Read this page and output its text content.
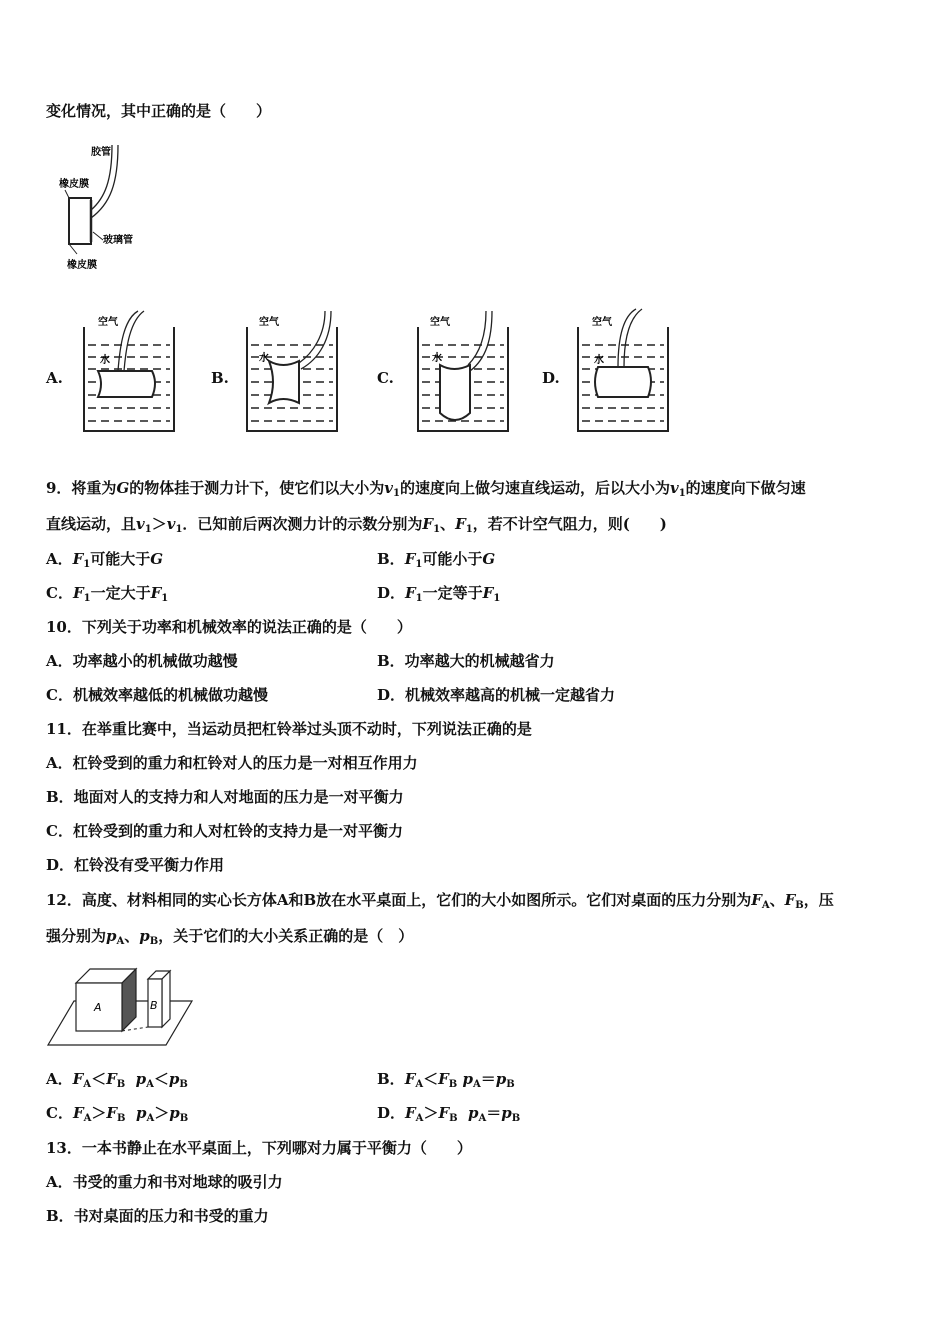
变化情况，其中正确的是（　　）
胶管
橡皮膜
玻璃管
橡皮膜
A.	B.	C.	D.
空气
水
空气
水
空气
水
空气
水
9．将重为G的物体挂于测力计下，使它们以大小为$v_1$的速度向上做匀速直线运动，后以大小为$v_1$的速度向下做匀速
直线运动，且$v_1>v_1$．已知前后两次测力计的示数分别为$F_1$、$F_1$，若不计空气阻力，则(　　)
A．$F_1$可能大于G	B．$F_1$可能小于G
C．$F_1$一定大于$F_1$	D．$F_1$一定等于$F_1$
10．下列关于功率和机械效率的说法正确的是（　　）
A．功率越小的机械做功越慢	B．功率越大的机械越省力
C．机械效率越低的机械做功越慢	D．机械效率越高的机械一定越省力
11．在举重比赛中，当运动员把杠铃举过头顶不动时，下列说法正确的是
A．杠铃受到的重力和杠铃对人的压力是一对相互作用力
B．地面对人的支持力和人对地面的压力是一对平衡力
C．杠铃受到的重力和人对杠铃的支持力是一对平衡力
D．杠铃没有受平衡力作用
12．高度、材料相同的实心长方体A和B放在水平桌面上，它们的大小如图所示。它们对桌面的压力分别为$F_A$、$F_B$，压
强分别为$p_A$、$p_B$，关于它们的大小关系正确的是（　）
A	B
A．$F_A<F_B$ $p_A<p_B$	B．$F_A<F_B$ $p_A=p_B$
C．$F_A>F_B$ $p_A>p_B$	D．$F_A>F_B$ $p_A=p_B$
13．一本书静止在水平桌面上，下列哪对力属于平衡力（　　）
A．书受的重力和书对地球的吸引力
B．书对桌面的压力和书受的重力
